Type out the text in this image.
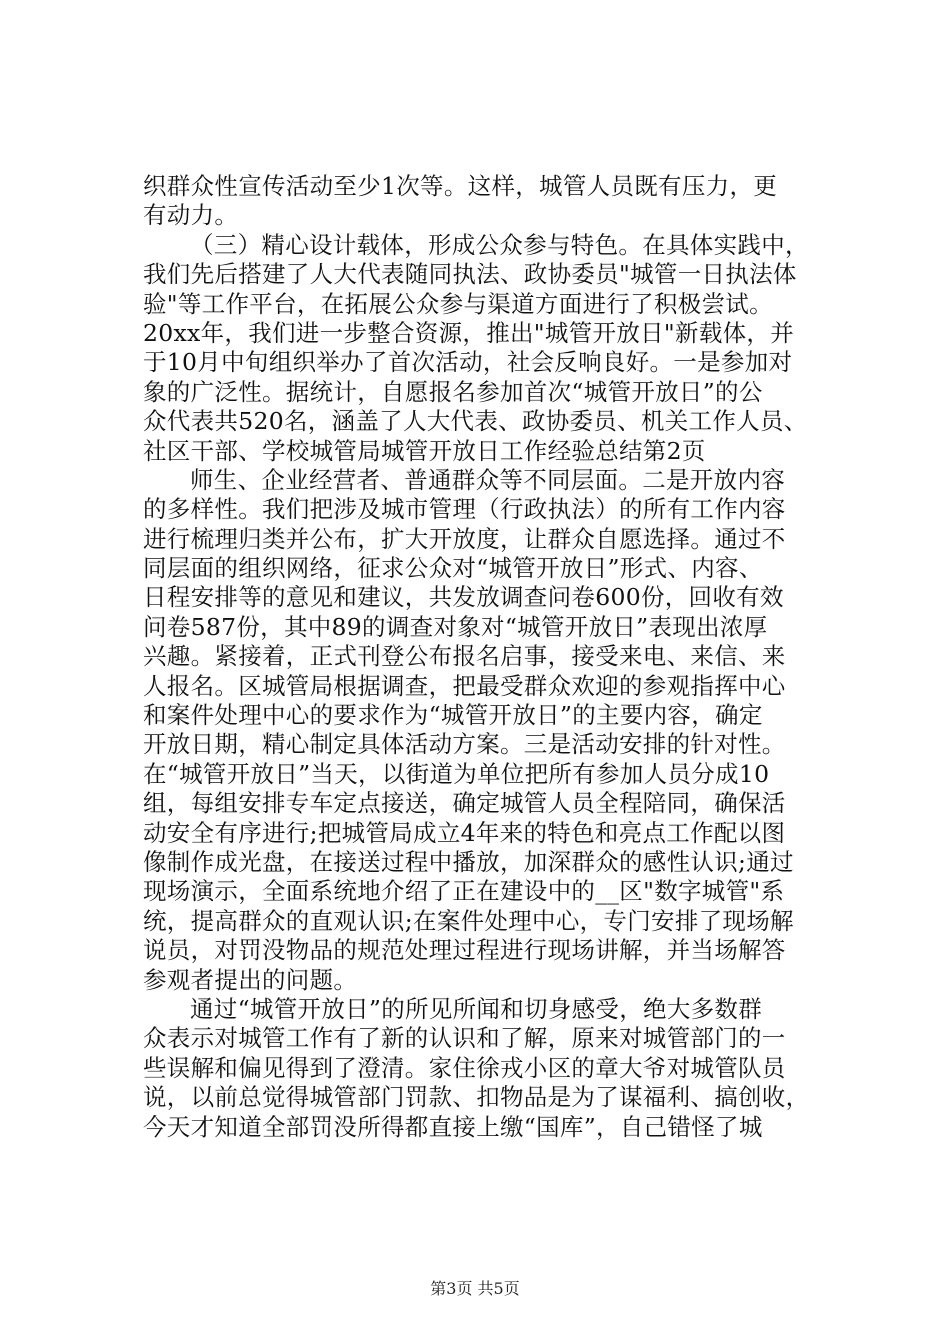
织群众性宣传活动至少1次等。这样，城管人员既有压力，更
有动力。
（三）精心设计载体，形成公众参与特色。在具体实践中，
我们先后搭建了人大代表随同执法、政协委员"城管一日执法体
验"等工作平台，在拓展公众参与渠道方面进行了积极尝试。
20xx年，我们进一步整合资源，推出"城管开放日"新载体，并
于10月中旬组织举办了首次活动，社会反响良好。一是参加对
象的广泛性。据统计，自愿报名参加首次“城管开放日”的公
众代表共520名，涵盖了人大代表、政协委员、机关工作人员、
社区干部、学校城管局城管开放日工作经验总结第2页
师生、企业经营者、普通群众等不同层面。二是开放内容
的多样性。我们把涉及城市管理（行政执法）的所有工作内容
进行梳理归类并公布，扩大开放度，让群众自愿选择。通过不
同层面的组织网络，征求公众对“城管开放日”形式、内容、
日程安排等的意见和建议，共发放调查问卷600份，回收有效
问卷587份，其中89的调查对象对“城管开放日”表现出浓厚
兴趣。紧接着，正式刊登公布报名启事，接受来电、来信、来
人报名。区城管局根据调查，把最受群众欢迎的参观指挥中心
和案件处理中心的要求作为“城管开放日”的主要内容，确定
开放日期，精心制定具体活动方案。三是活动安排的针对性。
在“城管开放日”当天，以街道为单位把所有参加人员分成10
组，每组安排专车定点接送，确定城管人员全程陪同，确保活
动安全有序进行;把城管局成立4年来的特色和亮点工作配以图
像制作成光盘，在接送过程中播放，加深群众的感性认识;通过
现场演示，全面系统地介绍了正在建设中的__区"数字城管"系
统，提高群众的直观认识;在案件处理中心，专门安排了现场解
说员，对罚没物品的规范处理过程进行现场讲解，并当场解答
参观者提出的问题。
通过“城管开放日”的所见所闻和切身感受，绝大多数群
众表示对城管工作有了新的认识和了解，原来对城管部门的一
些误解和偏见得到了澄清。家住徐戎小区的章大爷对城管队员
说，以前总觉得城管部门罚款、扣物品是为了谋福利、搞创收，
今天才知道全部罚没所得都直接上缴“国库”，自己错怪了城
第3页 共5页
